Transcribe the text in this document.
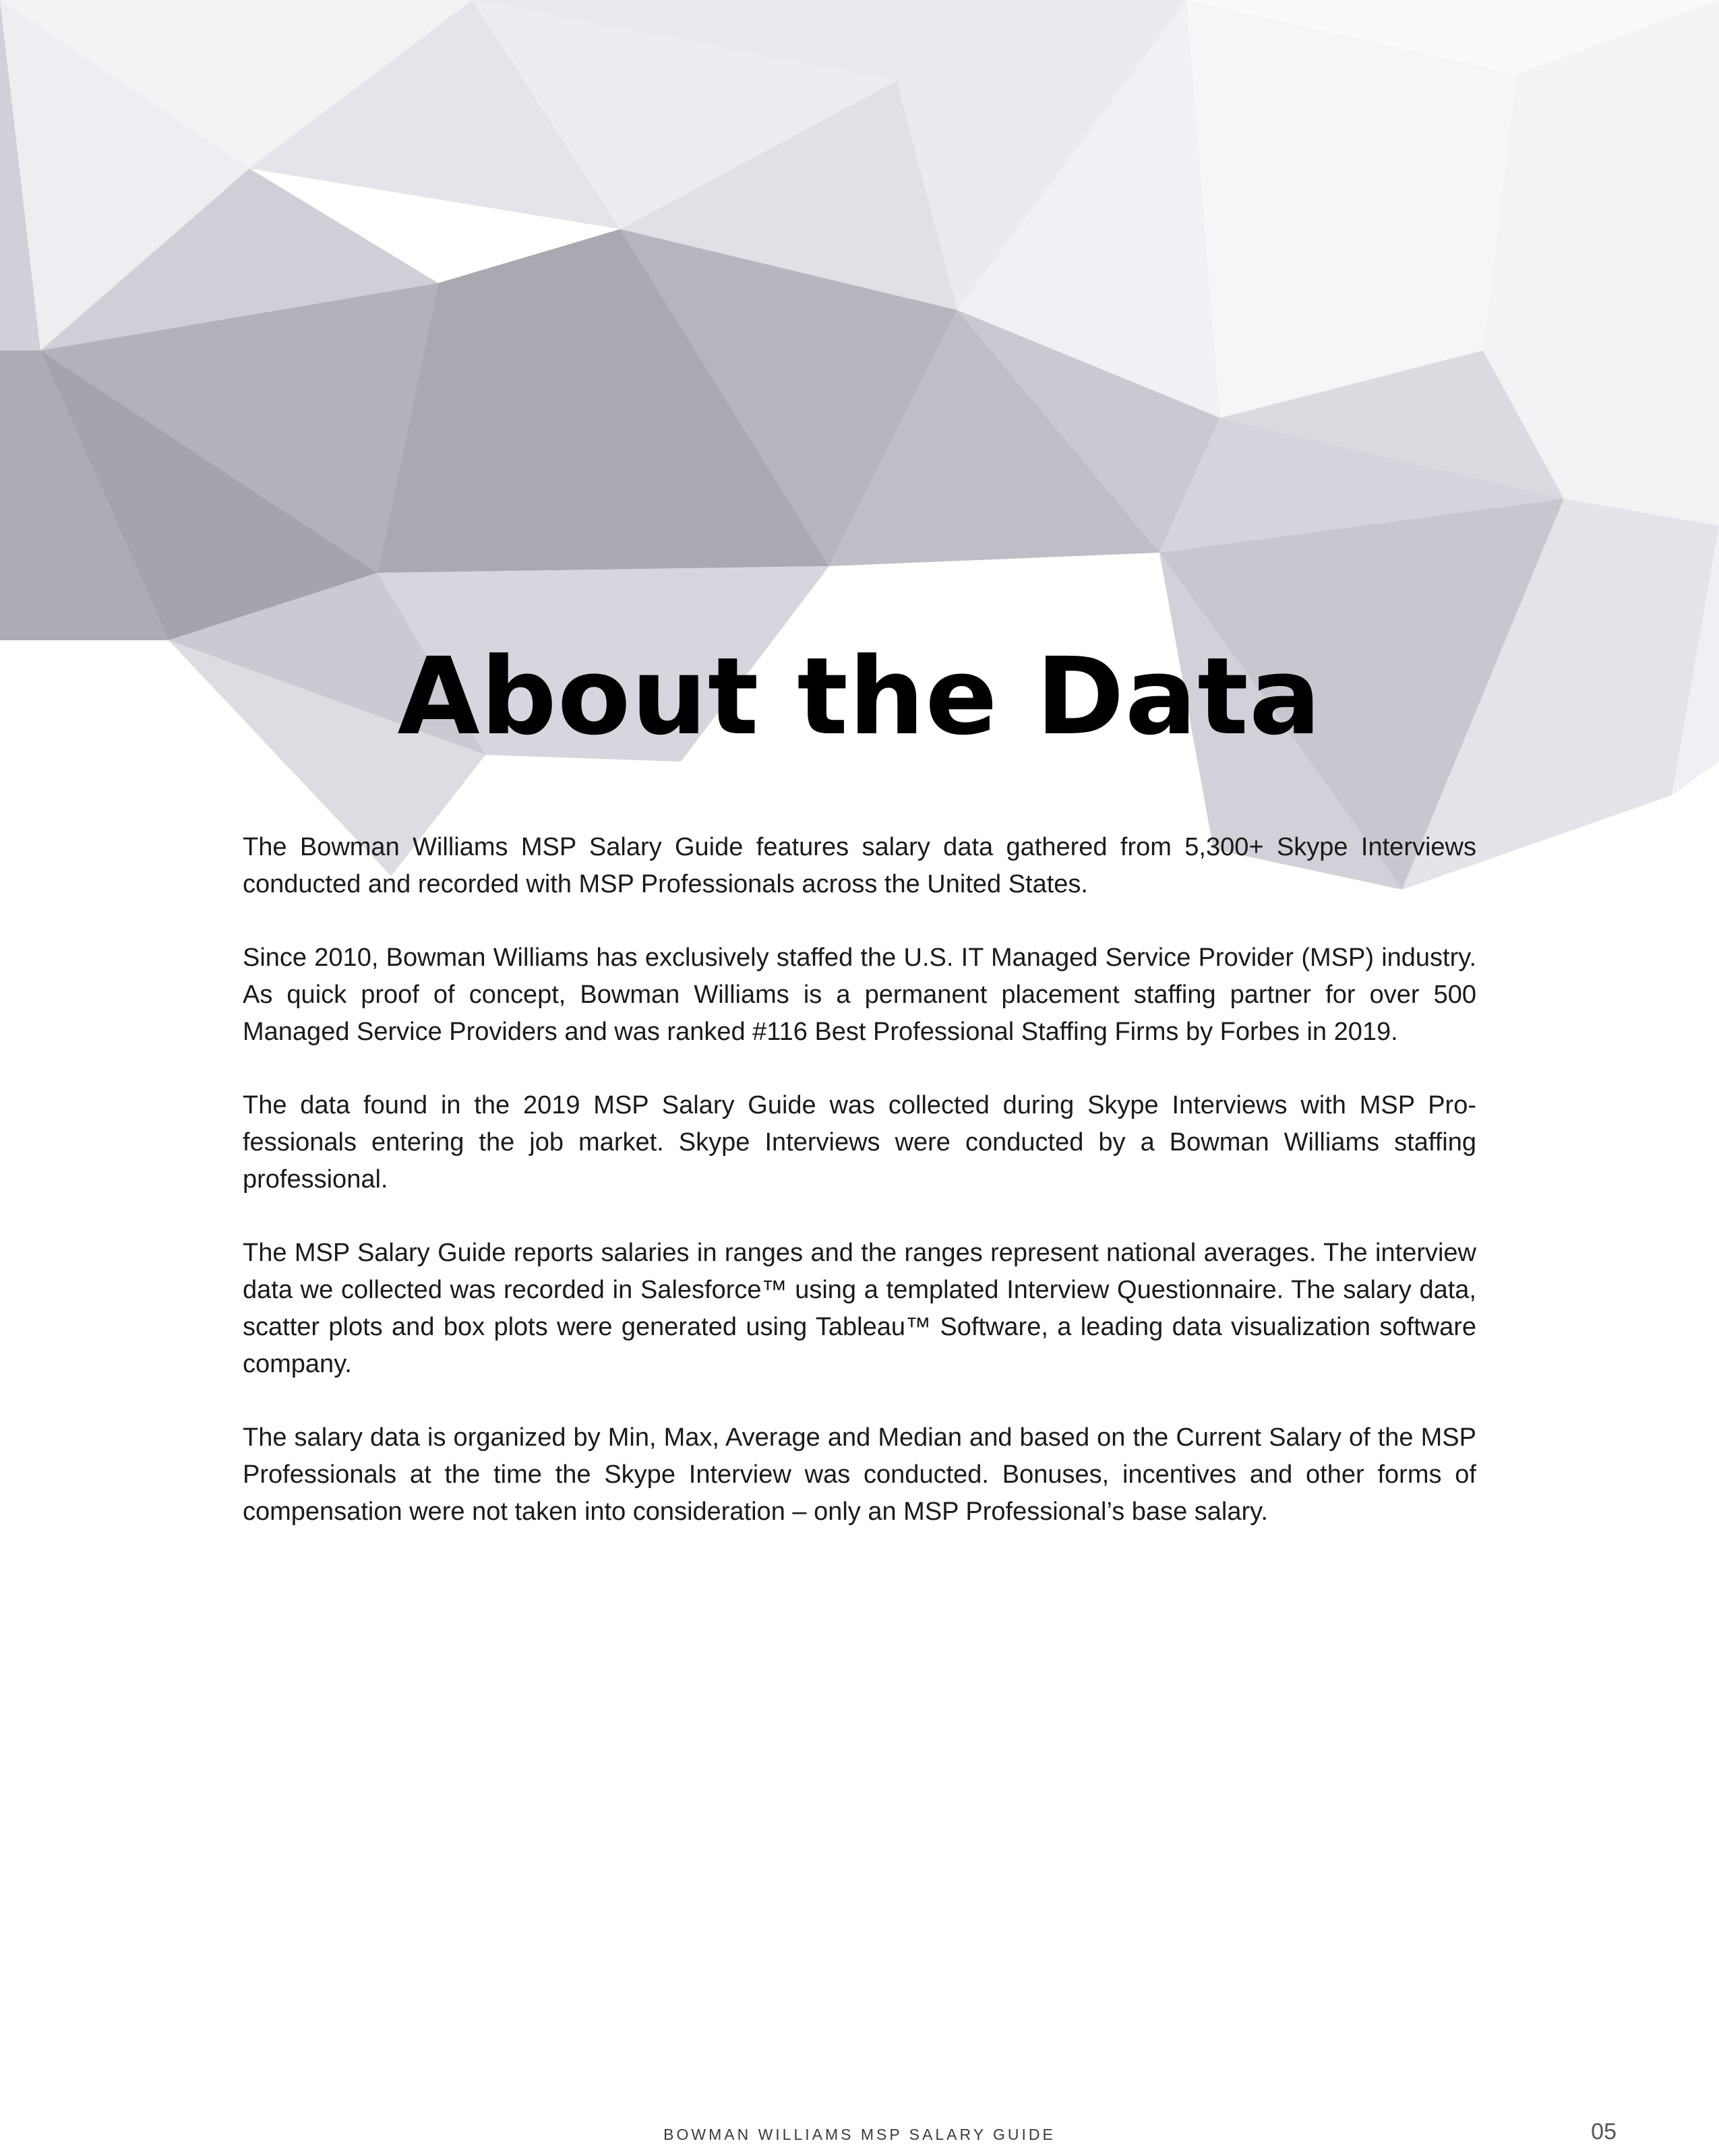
About the Data

The Bowman Williams MSP Salary Guide features salary data gathered from 5,300+ Skype Interviews conducted and recorded with MSP Professionals across the United States.

Since 2010, Bowman Williams has exclusively staffed the U.S. IT Managed Service Provider (MSP) industry. As quick proof of concept, Bowman Williams is a permanent placement staffing partner for over 500 Managed Service Providers and was ranked #116 Best Professional Staffing Firms by Forbes in 2019.

The data found in the 2019 MSP Salary Guide was collected during Skype Interviews with MSP Pro-fessionals entering the job market. Skype Interviews were conducted by a Bowman Williams staffing professional.

The MSP Salary Guide reports salaries in ranges and the ranges represent national averages. The interview data we collected was recorded in Salesforce™ using a templated Interview Questionnaire. The salary data, scatter plots and box plots were generated using Tableau™ Software, a leading data visualization software company.

The salary data is organized by Min, Max, Average and Median and based on the Current Salary of the MSP Professionals at the time the Skype Interview was conducted. Bonuses, incentives and other forms of compensation were not taken into consideration – only an MSP Professional’s base salary.

BOWMAN WILLIAMS MSP SALARY GUIDE	05
